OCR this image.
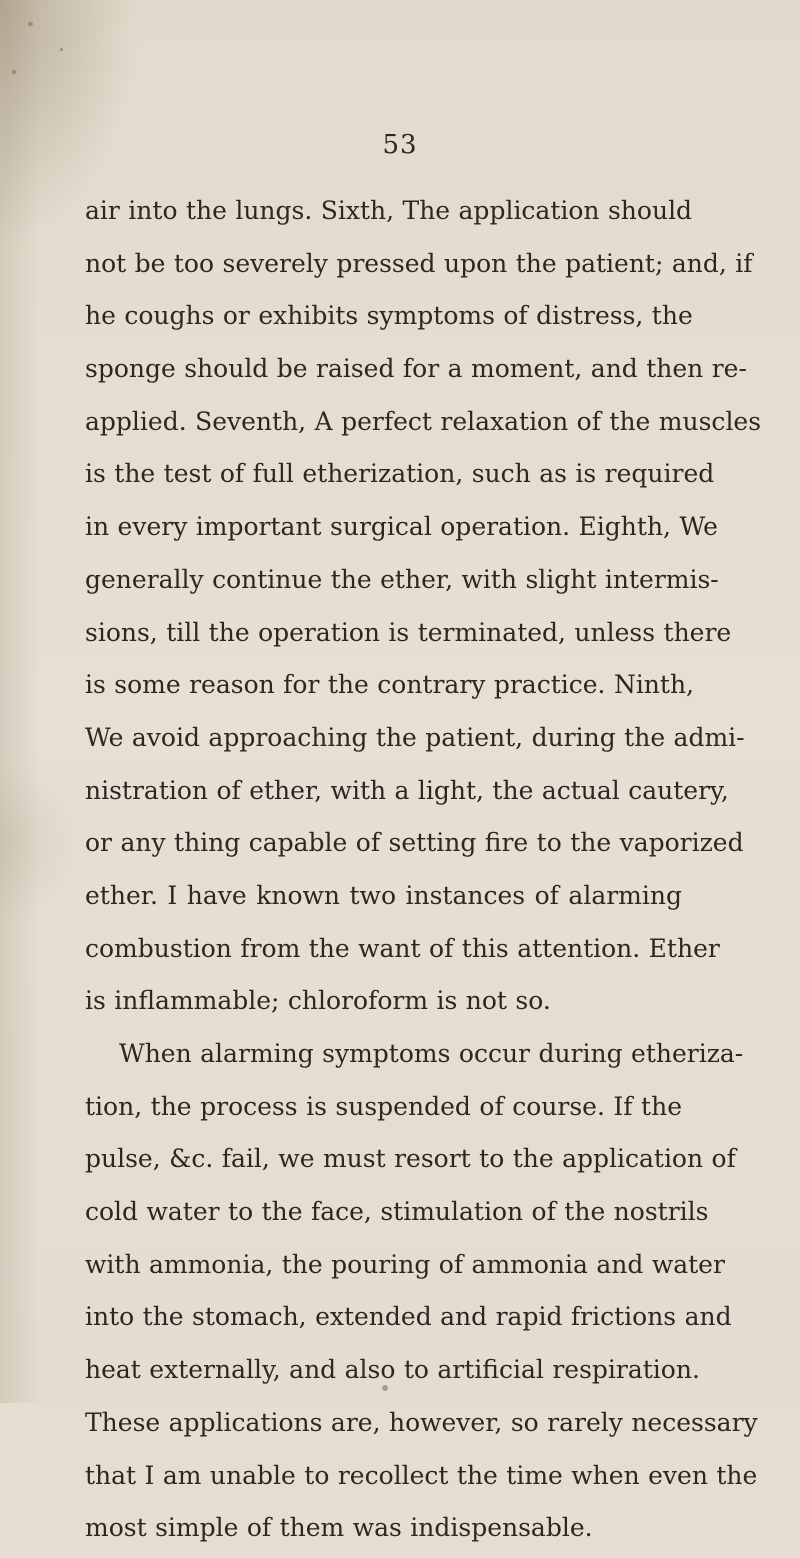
53
air into the lungs. Sixth, The application should
not be too severely pressed upon the patient; and, if
he coughs or exhibits symptoms of distress, the
sponge should be raised for a moment, and then re-
applied. Seventh, A perfect relaxation of the muscles
is the test of full etherization, such as is required
in every important surgical operation. Eighth, We
generally continue the ether, with slight intermis-
sions, till the operation is terminated, unless there
is some reason for the contrary practice. Ninth,
We avoid approaching the patient, during the admi-
nistration of ether, with a light, the actual cautery,
or any thing capable of setting fire to the vaporized
ether. I have known two instances of alarming
combustion from the want of this attention. Ether
is inflammable; chloroform is not so.
When alarming symptoms occur during etheriza-
tion, the process is suspended of course. If the
pulse, &c. fail, we must resort to the application of
cold water to the face, stimulation of the nostrils
with ammonia, the pouring of ammonia and water
into the stomach, extended and rapid frictions and
heat externally, and also to artificial respiration.
These applications are, however, so rarely necessary
that I am unable to recollect the time when even the
most simple of them was indispensable.
